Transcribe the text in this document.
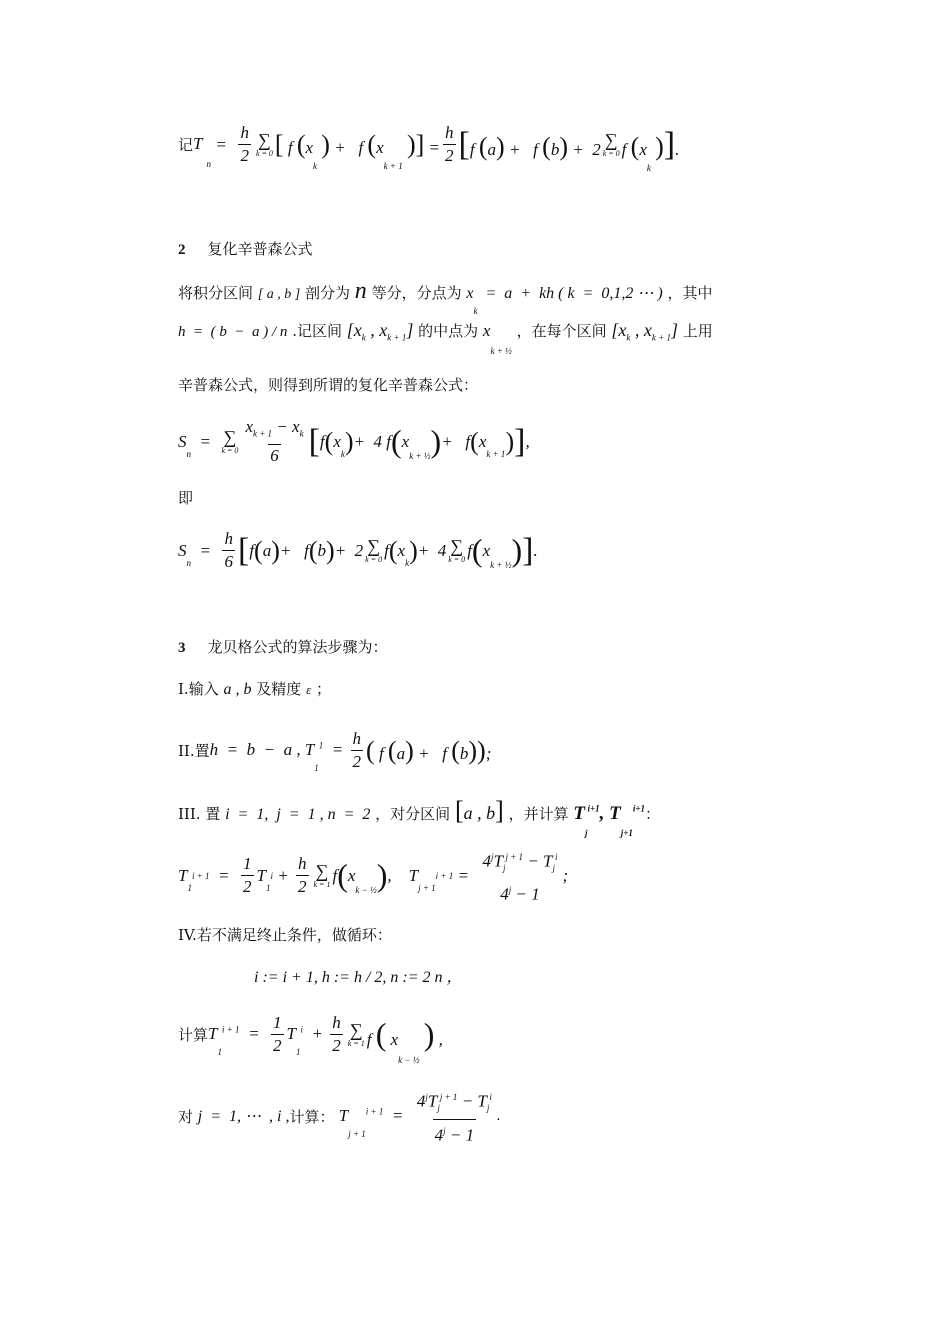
记 $T_n$
= $\frac{h}{2}$ ∑
k = 0 [ f ($x_k$ ) +   f ($x_{k + 1}$ )] = $\frac{h}{2} [f$ (a) +   f (b) +  2 ∑
k = 0 f ($x_k$ )].
2 复化辛普森公式
将积分区间 [ a , b ] 剖分为 n 等分，分点为 $x_k = a$  +  kh ( k  =  0,1,2 ⋯ ) ，其中
h  =  ( b  −  a ) / n .记区间 [$x_k$ , $x_{k + 1}$] 的中点为 $x_{k + \frac{1}{2}}$ ，在每个区间 [$x_k$ , $x_{k + 1}$] 上用
辛普森公式，则得到所谓的复化辛普森公式：
S
$_n$
= ∑
$k = 0 \frac{x_{k + 1} - x_k}{6}$ [ f ( x
$_k$ ) +  4 f ( x
$_{k + \frac{1}{2}}$ ) +   f ( x
$_{k + 1}$ ) ] ,
即
S
$_n$
= $\frac{h}{6}$ [ f ( a ) +   f ( b ) +  2 ∑
k = 0 f ( x
$_k$ ) +  4 ∑
k = 0 f ( x
$_{k + \frac{1}{2}}$ ) ] .
3 龙贝格公式的算法步骤为：
I.输入 a , b 及精度 ε ；
II.置 h  =  b  −  a , $T_1^1 = \frac{h}{2}$ ( f (a) +   f (b));
III. 置 i  =  1,  j  =  1 , n  =  2 ，对分区间 [a , b] ，并计算 $T_j^{i+1}$, $T_{j+1}^{i+1}$：
T
$_1$
$i + 1 = \frac{1}{2}$ T
$_1$
$i + \frac{h}{2}$ ∑
k = 1 f ( x
$_{k - \frac{1}{2}}$ ) ,    T
$_{j + 1}$
i + 1 =
$4^jT_j^{j + 1} - T_j^i$
$4^j - 1$
;
IV.若不满足终止条件，做循环：
i := i + 1, h := h / 2, n := 2 n ，
计算 $T_1^{i + 1} = \frac{1}{2} T_1^i + \frac{h}{2}$ ∑
k = 1 f ( $x_{k - \frac{1}{2}}$ ) ,
对
j  =  1, ⋯  , i , 计算： $T_{j + 1}^{i + 1} = \frac{4^jT_j^{j + 1} - T_j^i}{4^j - 1}$ .
